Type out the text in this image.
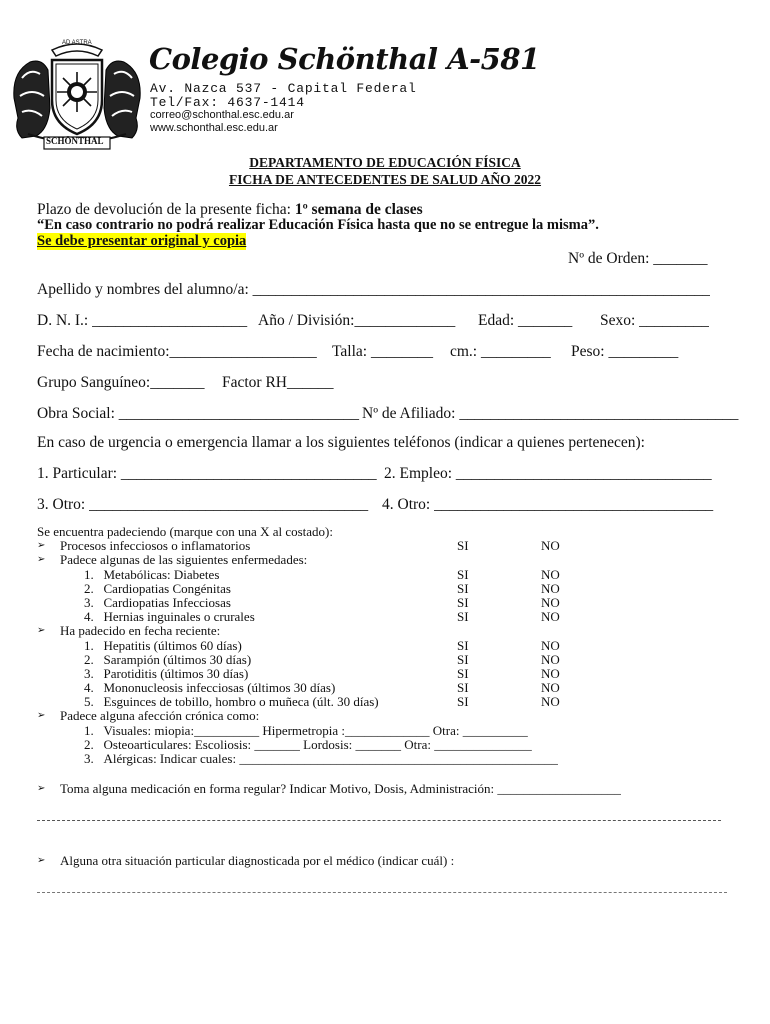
AD ASTRA
SCHÖNTHAL
Colegio Schönthal A-581
Av. Nazca 537 - Capital Federal
Tel/Fax: 4637-1414
correo@schonthal.esc.edu.ar
www.schonthal.esc.edu.ar
DEPARTAMENTO DE EDUCACIÓN FÍSICA
FICHA DE ANTECEDENTES DE SALUD AÑO 2022
Plazo de devolución de la presente ficha: 1º semana de clases
“En caso contrario no podrá realizar Educación Física hasta que no se entregue la misma”.
Se debe presentar original y copia
Nº de Orden: _______
Apellido y nombres del alumno/a: ___________________________________________________________
D. N. I.: ____________________ Año / División:_____________ Edad: _______ Sexo: _________
Fecha de nacimiento:___________________ Talla: ________ cm.: _________ Peso: _________
Grupo Sanguíneo:_______ Factor RH______
Obra Social: _______________________________ Nº de Afiliado: ____________________________________
En caso de urgencia o emergencia llamar a los siguientes teléfonos (indicar a quienes pertenecen):
1. Particular: _________________________________ 2. Empleo: _________________________________
3. Otro: ____________________________________ 4. Otro: ____________________________________
Se encuentra padeciendo (marque con una X al costado):
➢ Procesos infecciosos o inflamatorios	SI	NO
➢ Padece algunas de las siguientes enfermedades:
1. Metabólicas: Diabetes	SI	NO
2. Cardiopatias Congénitas	SI	NO
3. Cardiopatias Infecciosas	SI	NO
4. Hernias inguinales o crurales	SI	NO
➢ Ha padecido en fecha reciente:
1. Hepatitis (últimos 60 días)	SI	NO
2. Sarampión (últimos 30 días)	SI	NO
3. Parotiditis (últimos 30 días)	SI	NO
4. Mononucleosis infecciosas (últimos 30 días)	SI	NO
5. Esguinces de tobillo, hombro o muñeca (últ. 30 días)	SI	NO
➢ Padece alguna afección crónica como:
1. Visuales: miopia:__________ Hipermetropia :_____________ Otra: __________
2. Osteoarticulares: Escoliosis: _______ Lordosis: _______ Otra: _______________
3. Alérgicas: Indicar cuales: _________________________________________________
➢ Toma alguna medicación en forma regular? Indicar Motivo, Dosis, Administración: ___________________
➢ Alguna otra situación particular diagnosticada por el médico (indicar cuál) :
